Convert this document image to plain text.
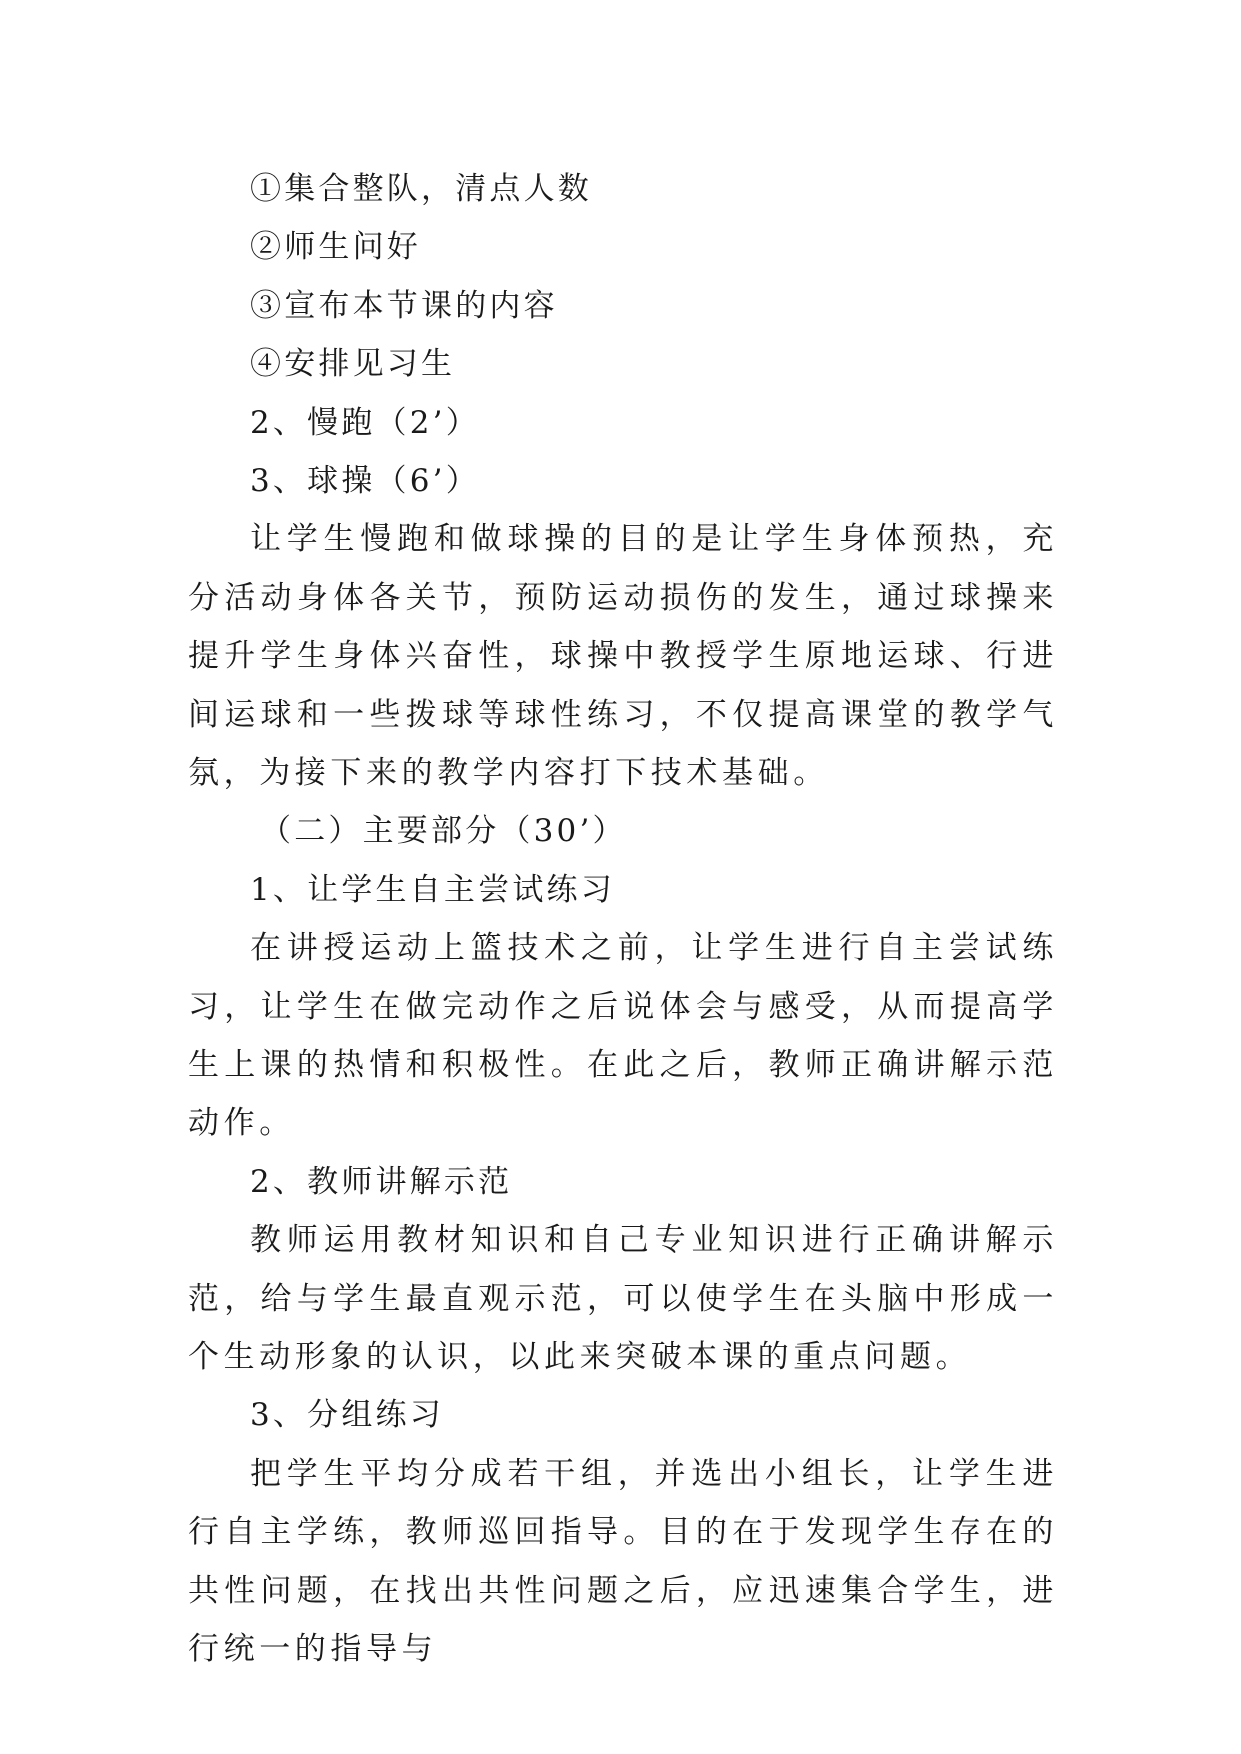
①集合整队，清点人数
②师生问好
③宣布本节课的内容
④安排见习生
2、慢跑（2’）
3、球操（6’）

让学生慢跑和做球操的目的是让学生身体预热，充分活动身体各关节，预防运动损伤的发生，通过球操来提升学生身体兴奋性，球操中教授学生原地运球、行进间运球和一些拨球等球性练习，不仅提高课堂的教学气氛，为接下来的教学内容打下技术基础。

（二）主要部分（30’）
1、让学生自主尝试练习

在讲授运动上篮技术之前，让学生进行自主尝试练习，让学生在做完动作之后说体会与感受，从而提高学生上课的热情和积极性。在此之后，教师正确讲解示范动作。

2、教师讲解示范

教师运用教材知识和自己专业知识进行正确讲解示范，给与学生最直观示范，可以使学生在头脑中形成一个生动形象的认识，以此来突破本课的重点问题。

3、分组练习

把学生平均分成若干组，并选出小组长，让学生进行自主学练，教师巡回指导。目的在于发现学生存在的共性问题，在找出共性问题之后，应迅速集合学生，进行统一的指导与
